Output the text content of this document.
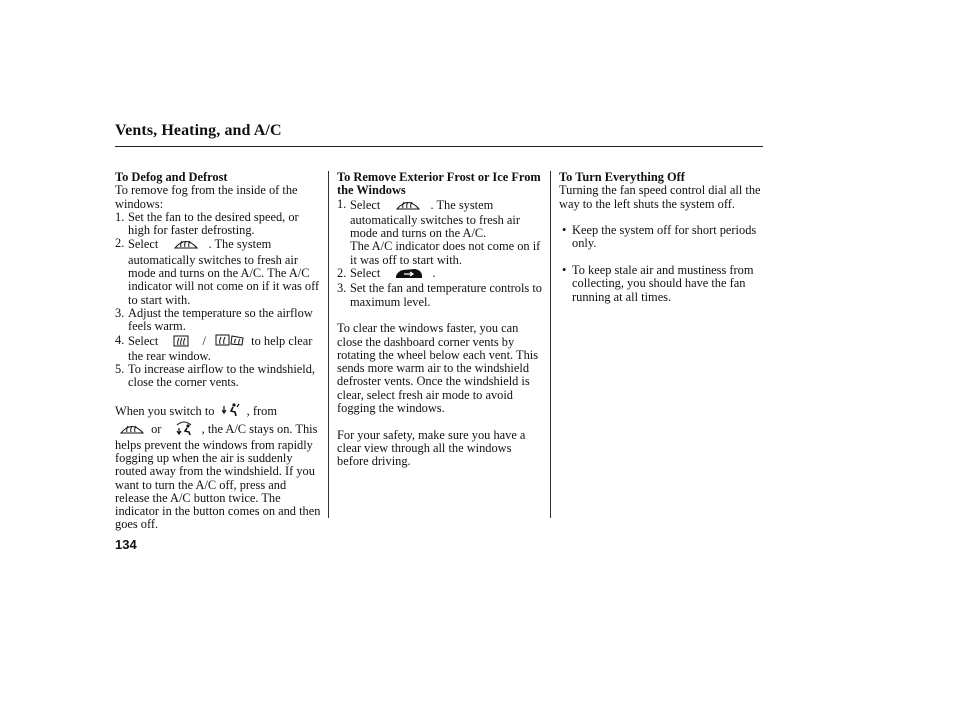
Vents, Heating, and A/C
To Defog and Defrost

To remove fog from the inside of the windows:

1. Set the fan to the desired speed, or high for faster defrosting.
2. Select	. The system automatically switches to fresh air mode and turns on the A/C. The A/C indicator will not come on if it was off to start with.
3. Adjust the temperature so the airflow feels warm.
4. Select	/	to help clear the rear window.
5. To increase airflow to the windshield, close the corner vents.

When you switch to	, from
or	, the A/C stays on. This helps prevent the windows from rapidly fogging up when the air is suddenly routed away from the windshield. If you want to turn the A/C off, press and release the A/C button twice. The indicator in the button comes on and then goes off.

To Remove Exterior Frost or Ice From the Windows
1. Select	. The system automatically switches to fresh air mode and turns on the A/C.
The A/C indicator does not come on if it was off to start with.
2. Select	.
3. Set the fan and temperature controls to maximum level.

To clear the windows faster, you can close the dashboard corner vents by rotating the wheel below each vent. This sends more warm air to the windshield defroster vents. Once the windshield is clear, select fresh air mode to avoid fogging the windows.

For your safety, make sure you have a clear view through all the windows before driving.

To Turn Everything Off

Turning the fan speed control dial all the way to the left shuts the system off.

• Keep the system off for short periods only.
• To keep stale air and mustiness from collecting, you should have the fan running at all times.
134
